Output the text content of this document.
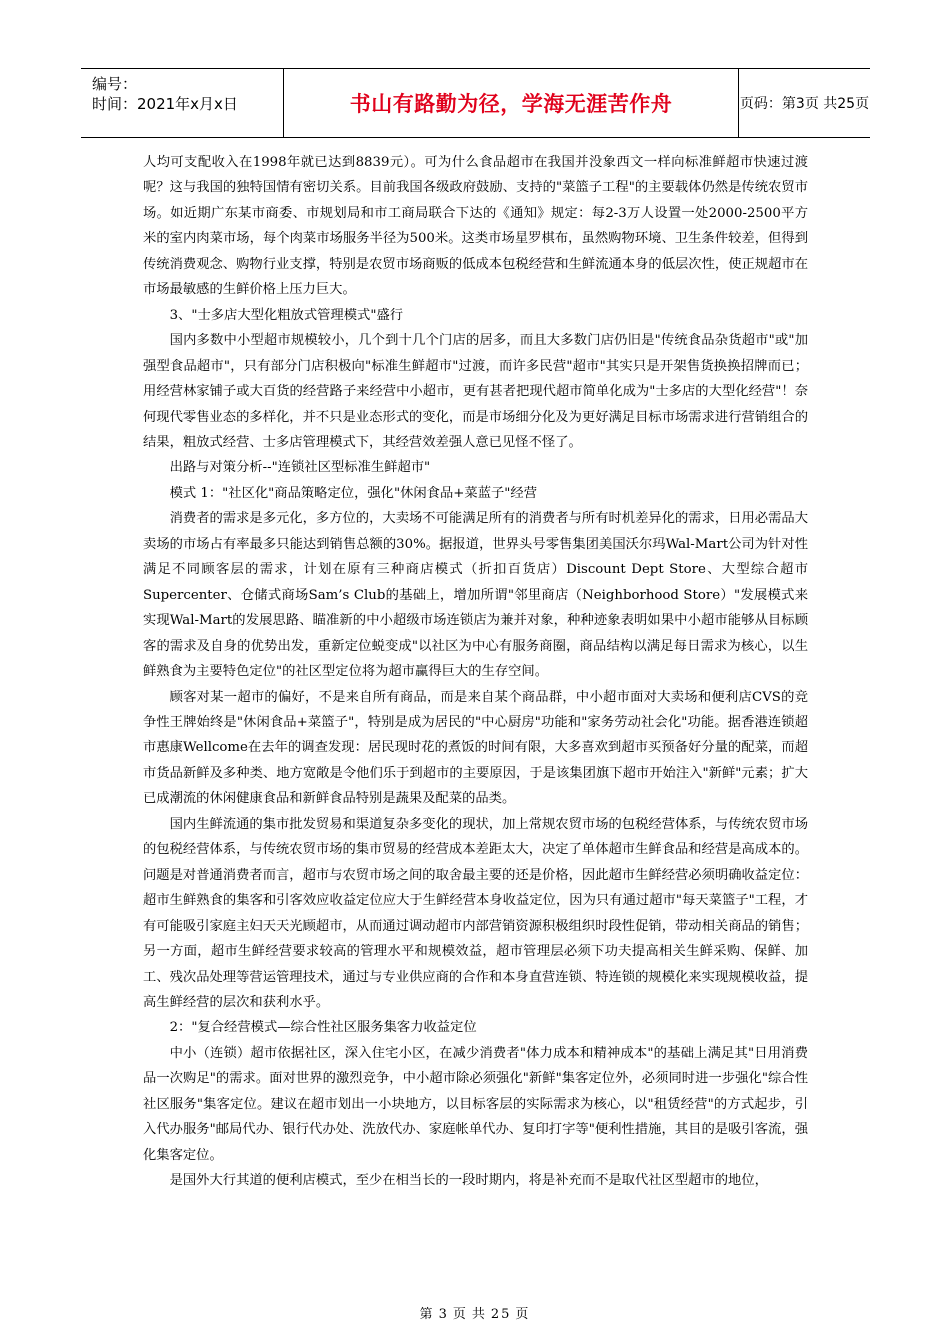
编号：
时间：2021年x月x日	书山有路勤为径，学海无涯苦作舟	页码：第3页 共25页

人均可支配收入在1998年就已达到8839元）。可为什么食品超市在我国并没象西文一样向标准鲜超市快速过渡呢？这与我国的独特国情有密切关系。目前我国各级政府鼓励、支持的"菜篮子工程"的主要载体仍然是传统农贸市场。如近期广东某市商委、市规划局和市工商局联合下达的《通知》规定：每2-3万人设置一处2000-2500平方米的室内肉菜市场，每个肉菜市场服务半径为500米。这类市场星罗棋布，虽然购物环境、卫生条件较差，但得到传统消费观念、购物行业支撑，特别是农贸市场商贩的低成本包税经营和生鲜流通本身的低层次性，使正规超市在市场最敏感的生鲜价格上压力巨大。

3、"士多店大型化粗放式管理模式"盛行

国内多数中小型超市规模较小，几个到十几个门店的居多，而且大多数门店仍旧是"传统食品杂货超市"或"加强型食品超市"，只有部分门店积极向"标准生鲜超市"过渡，而许多民营"超市"其实只是开架售货换换招牌而已；用经营林家铺子或大百货的经营路子来经营中小超市，更有甚者把现代超市简单化成为"士多店的大型化经营"！奈何现代零售业态的多样化，并不只是业态形式的变化，而是市场细分化及为更好满足目标市场需求进行营销组合的结果，粗放式经营、士多店管理模式下，其经营效差强人意已见怪不怪了。

出路与对策分析--"连锁社区型标准生鲜超市"

模式 1："社区化"商品策略定位，强化"休闲食品+菜蓝子"经营

消费者的需求是多元化，多方位的，大卖场不可能满足所有的消费者与所有时机差异化的需求，日用必需品大卖场的市场占有率最多只能达到销售总额的30%。据报道，世界头号零售集团美国沃尔玛Wal-Mart公司为针对性满足不同顾客层的需求，计划在原有三种商店模式（折扣百货店）Discount Dept Store、大型综合超市Supercenter、仓储式商场Sam’s Club的基础上，增加所谓"邻里商店（Neighborhood Store）"发展模式来实现Wal-Mart的发展思路、瞄准新的中小超级市场连锁店为兼并对象，种种迹象表明如果中小超市能够从目标顾客的需求及自身的优势出发，重新定位蜕变成"以社区为中心有服务商圈，商品结构以满足每日需求为核心，以生鲜熟食为主要特色定位"的社区型定位将为超市赢得巨大的生存空间。

顾客对某一超市的偏好，不是来自所有商品，而是来自某个商品群，中小超市面对大卖场和便利店CVS的竞争性王牌始终是"休闲食品+菜篮子"，特别是成为居民的"中心厨房"功能和"家务劳动社会化"功能。据香港连锁超市惠康Wellcome在去年的调查发现：居民现时花的煮饭的时间有限，大多喜欢到超市买预备好分量的配菜，而超市货品新鲜及多种类、地方宽敞是令他们乐于到超市的主要原因，于是该集团旗下超市开始注入"新鲜"元素；扩大已成潮流的休闲健康食品和新鲜食品特别是蔬果及配菜的品类。

国内生鲜流通的集市批发贸易和渠道复杂多变化的现状，加上常规农贸市场的包税经营体系，与传统农贸市场的包税经营体系，与传统农贸市场的集市贸易的经营成本差距太大，决定了单体超市生鲜食品和经营是高成本的。问题是对普通消费者而言，超市与农贸市场之间的取舍最主要的还是价格，因此超市生鲜经营必须明确收益定位：超市生鲜熟食的集客和引客效应收益定位应大于生鲜经营本身收益定位，因为只有通过超市"每天菜篮子"工程，才有可能吸引家庭主妇天天光顾超市，从而通过调动超市内部营销资源积极组织时段性促销，带动相关商品的销售；另一方面，超市生鲜经营要求较高的管理水平和规模效益，超市管理层必须下功夫提高相关生鲜采购、保鲜、加工、残次品处理等营运管理技术，通过与专业供应商的合作和本身直营连锁、特连锁的规模化来实现规模收益，提高生鲜经营的层次和获利水乎。

2："复合经营模式—综合性社区服务集客力收益定位

中小（连锁）超市依据社区，深入住宅小区，在减少消费者"体力成本和精神成本"的基础上满足其"日用消费品一次购足"的需求。面对世界的激烈竞争，中小超市除必须强化"新鲜"集客定位外，必须同时进一步强化"综合性社区服务"集客定位。建议在超市划出一小块地方，以目标客层的实际需求为核心，以"租赁经营"的方式起步，引入代办服务"邮局代办、银行代办处、洗放代办、家庭帐单代办、复印打字等"便利性措施，其目的是吸引客流，强化集客定位。

是国外大行其道的便利店模式，至少在相当长的一段时期内，将是补充而不是取代社区型超市的地位，

第 3 页 共 25 页
